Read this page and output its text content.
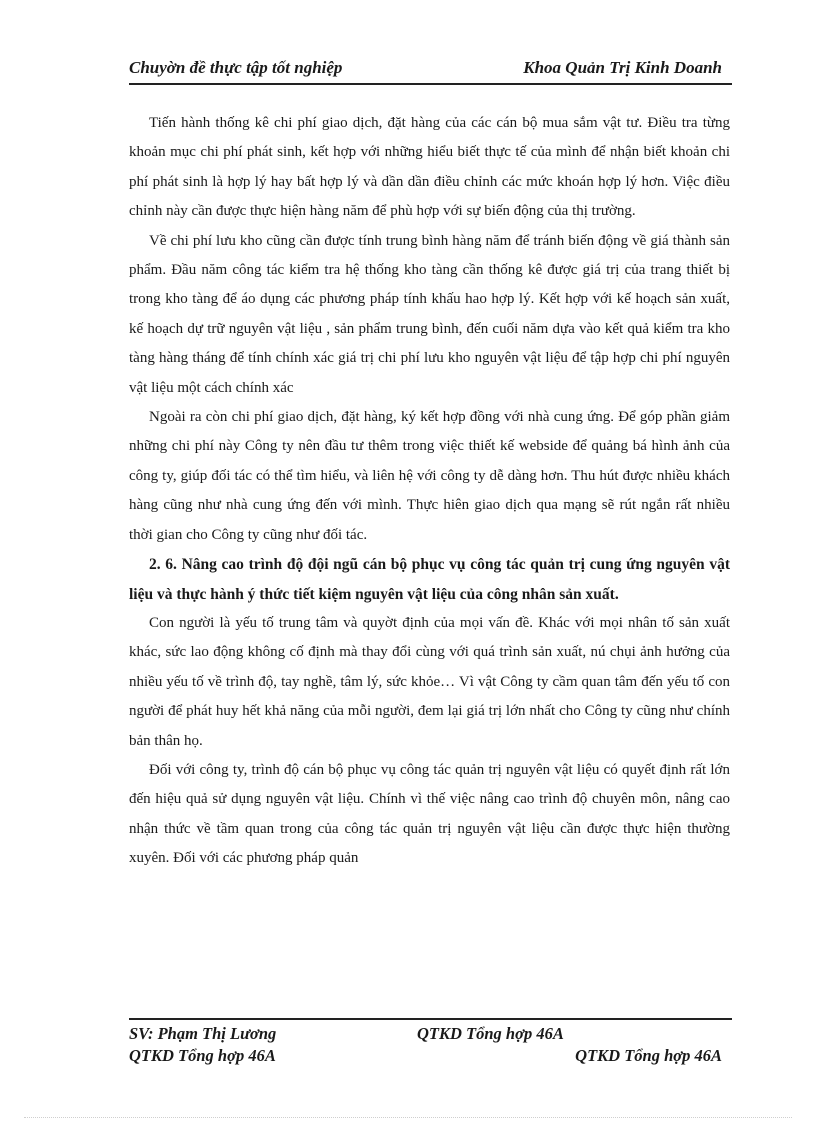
Chuyờn đề thực tập tốt nghiệp	Khoa Quản Trị Kinh Doanh

Tiến hành thống kê chi phí giao dịch, đặt hàng của các cán bộ mua sắm vật tư. Điều tra từng khoản mục chi phí phát sinh, kết hợp với những hiểu biết thực tế của mình để nhận biết khoản chi phí phát sinh là hợp lý hay bất hợp lý và dần dần điều chỉnh các mức khoán hợp lý hơn. Việc điều chỉnh này cần được thực hiện hàng năm để phù hợp với sự biến động của thị trường.

Về chi phí lưu kho cũng cần được tính trung bình hàng năm để tránh biến động về giá thành sản phẩm. Đầu năm công tác kiểm tra hệ thống kho tàng cần thống kê được giá trị của trang thiết bị trong kho tàng để áo dụng các phương pháp tính khấu hao hợp lý. Kết hợp với kế hoạch sản xuất, kế hoạch dự trữ nguyên vật liệu , sản phẩm trung bình, đến cuối năm dựa vào kết quả kiểm tra kho tàng hàng tháng để tính chính xác giá trị chi phí lưu kho nguyên vật liệu để tập hợp chi phí nguyên vật liệu một cách chính xác

Ngoài ra còn chi phí giao dịch, đặt hàng, ký kết hợp đồng với nhà cung ứng. Để góp phần giảm những chi phí này Công ty nên đầu tư thêm trong việc thiết kế webside để quảng bá hình ảnh của công ty, giúp đối tác có thể tìm hiểu, và liên hệ với công ty dễ dàng hơn. Thu hút được nhiều khách hàng cũng như nhà cung ứng đến với mình. Thực hiên giao dịch qua mạng sẽ rút ngắn rất nhiều thời gian cho Công ty cũng như đối tác.

2. 6. Nâng cao trình độ đội ngũ cán bộ phục vụ công tác quản trị cung ứng nguyên vật liệu và thực hành ý thức tiết kiệm nguyên vật liệu của công nhân sản xuất.

Con người là yếu tố trung tâm và quyờt định của mọi vấn đề. Khác với mọi nhân tố sản xuất khác, sức lao động không cố định mà thay đổi cùng với quá trình sản xuất, nú chụi ảnh hưởng của nhiều yếu tố về trình độ, tay nghề, tâm lý, sức khỏe… Vì vật Công ty cầm quan tâm đến yếu tố con người để phát huy hết khả năng của mỗi người, đem lại giá trị lớn nhất cho Công ty cũng như chính bản thân họ.

Đối với công ty, trình độ cán bộ phục vụ công tác quản trị nguyên vật liệu có quyết định rất lớn đến hiệu quả sử dụng nguyên vật liệu. Chính vì thế việc nâng cao trình độ chuyên môn, nâng cao nhận thức về tầm quan trong của công tác quản trị nguyên vật liệu cần được thực hiện thường xuyên. Đối với các phương pháp quản

SV: Phạm Thị Lương	QTKD Tổng hợp 46A
QTKD Tổng hợp 46A	QTKD Tổng hợp 46A
